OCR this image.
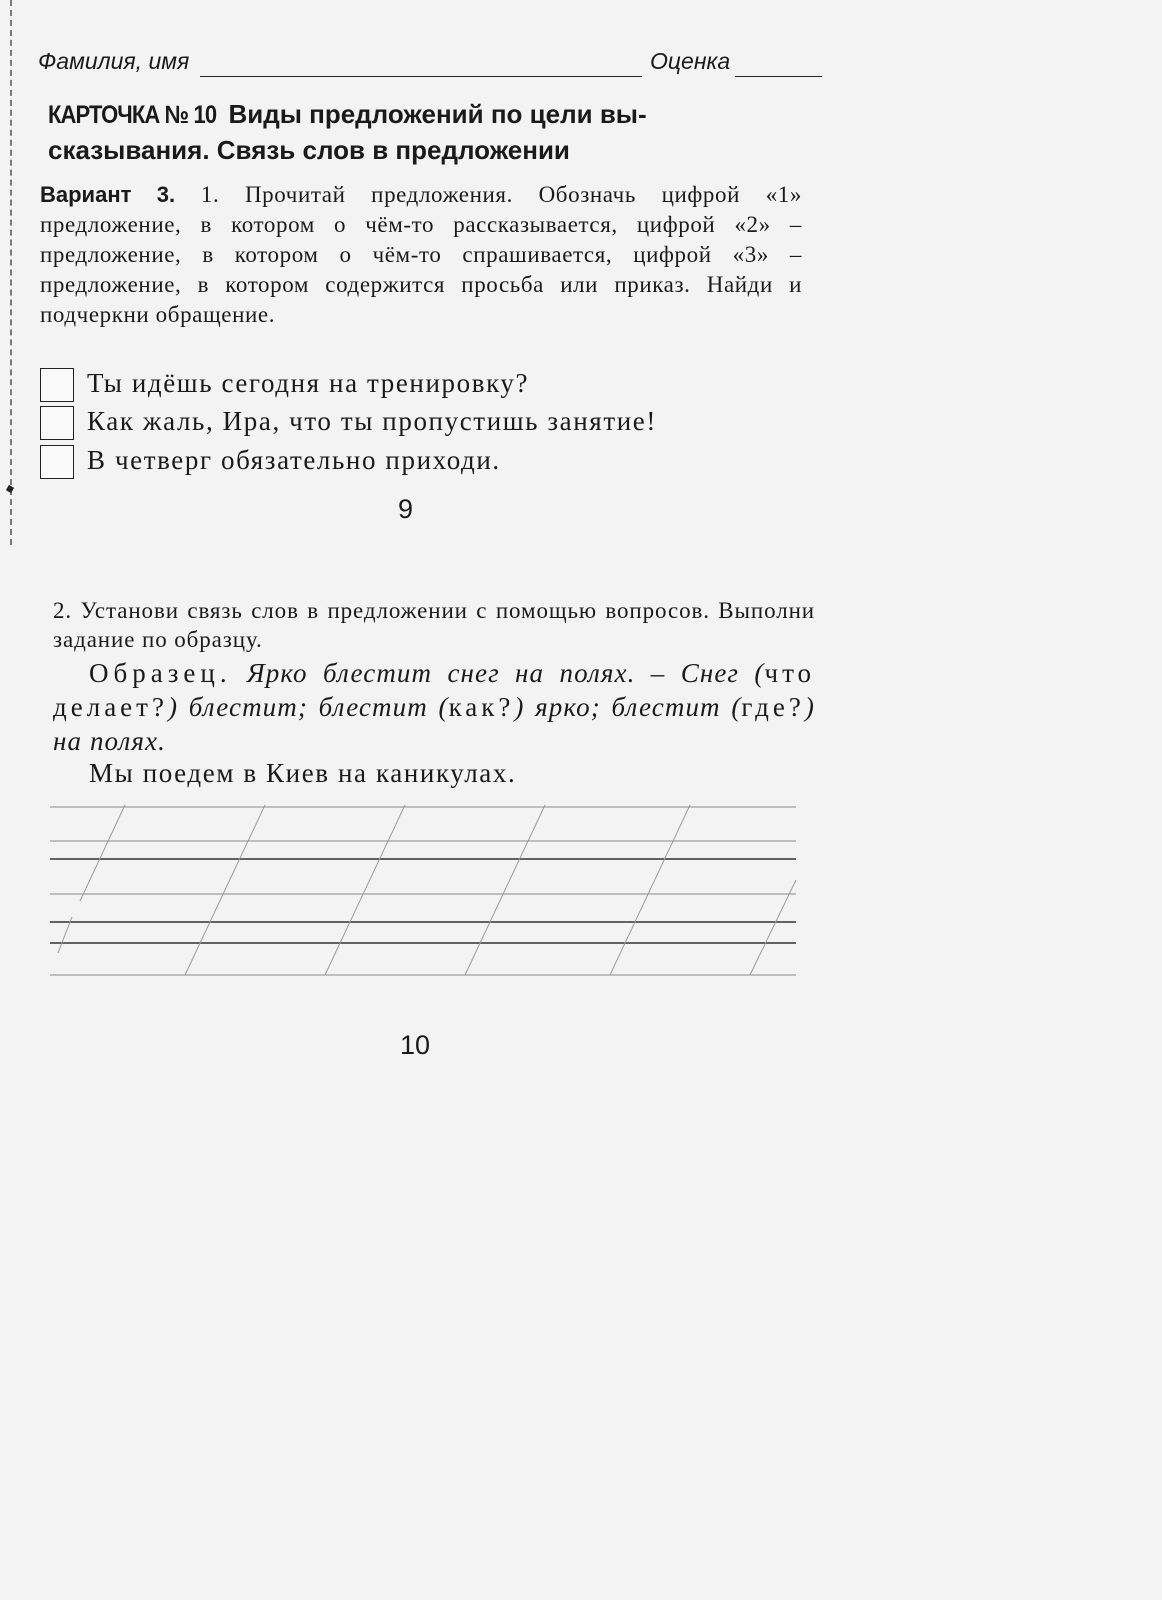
Фамилия, имя	Оценка
КАРТОЧКА № 10 Виды предложений по цели вы-
сказывания. Связь слов в предложении
Вариант 3. 1. Прочитай предложения. Обозначь цифрой «1» предложение, в котором о чём-то рассказывается, цифрой «2» – предложение, в котором о чём-то спрашивается, цифрой «3» – предложение, в котором содержится просьба или приказ. Найди и подчеркни обращение.
Ты идёшь сегодня на тренировку?
Как жаль, Ира, что ты пропустишь занятие!
В четверг обязательно приходи.
9
2. Установи связь слов в предложении с помощью вопросов. Выполни задание по образцу.
Образец. Ярко блестит снег на полях. – Снег (что делает?) блестит; блестит (как?) ярко; блестит (где?) на полях.
Мы поедем в Киев на каникулах.
10
